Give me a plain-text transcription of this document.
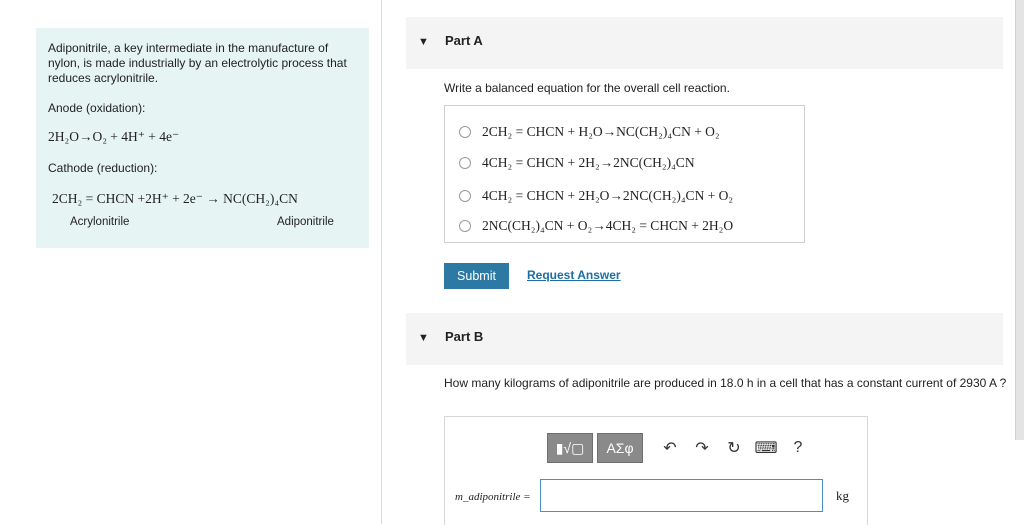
Adiponitrile, a key intermediate in the manufacture of nylon, is made industrially by an electrolytic process that reduces acrylonitrile.
Anode (oxidation):
2H₂O→O₂ + 4H⁺ + 4e⁻
Cathode (reduction):
2CH₂ = CHCN +2H⁺ + 2e⁻ → NC(CH₂)₄CN
Acrylonitrile	Adiponitrile
▼ Part A
Write a balanced equation for the overall cell reaction.
2CH₂ = CHCN + H₂O→NC(CH₂)₄CN + O₂
4CH₂ = CHCN + 2H₂→2NC(CH₂)₄CN
4CH₂ = CHCN + 2H₂O→2NC(CH₂)₄CN + O₂
2NC(CH₂)₄CN + O₂→4CH₂ = CHCN + 2H₂O
Submit	Request Answer
▼ Part B
How many kilograms of adiponitrile are produced in 18.0 h in a cell that has a constant current of 2930 A ?
▮√▢	ΑΣφ	↶	↷	↻ ⌨	?
m_adiponitrile =	kg
